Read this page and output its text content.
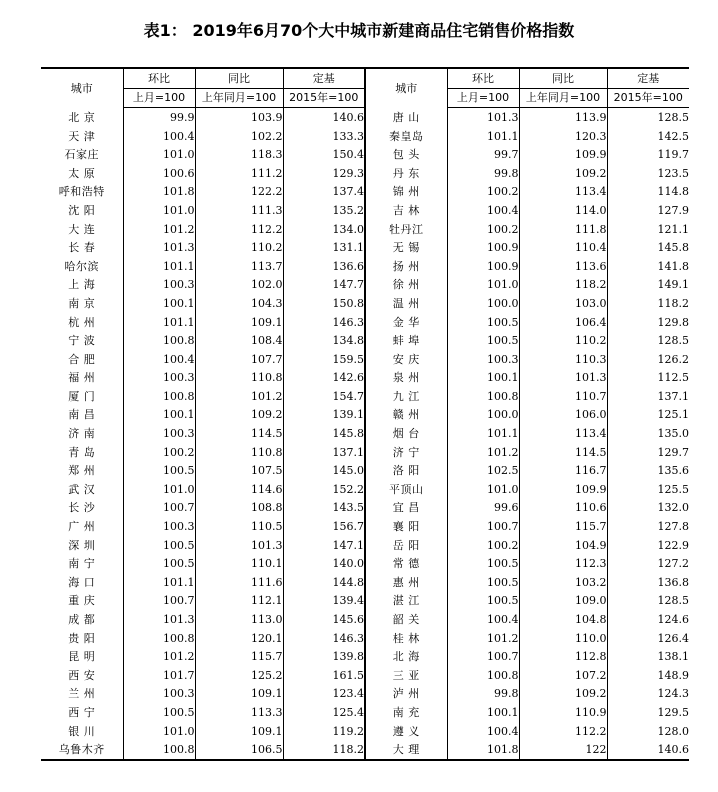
表1： 2019年6月70个大中城市新建商品住宅销售价格指数
城市	环比	同比	定基	城市	环比	同比	定基
	上月=100	上年同月=100	2015年=100		上月=100	上年同月=100	2015年=100
北 京	99.9	103.9	140.6	唐 山	101.3	113.9	128.5
天 津	100.4	102.2	133.3	秦皇岛	101.1	120.3	142.5
石家庄	101.0	118.3	150.4	包 头	99.7	109.9	119.7
太 原	100.6	111.2	129.3	丹 东	99.8	109.2	123.5
呼和浩特	101.8	122.2	137.4	锦 州	100.2	113.4	114.8
沈 阳	101.0	111.3	135.2	吉 林	100.4	114.0	127.9
大 连	101.2	112.2	134.0	牡丹江	100.2	111.8	121.1
长 春	101.3	110.2	131.1	无 锡	100.9	110.4	145.8
哈尔滨	101.1	113.7	136.6	扬 州	100.9	113.6	141.8
上 海	100.3	102.0	147.7	徐 州	101.0	118.2	149.1
南 京	100.1	104.3	150.8	温 州	100.0	103.0	118.2
杭 州	101.1	109.1	146.3	金 华	100.5	106.4	129.8
宁 波	100.8	108.4	134.8	蚌 埠	100.5	110.2	128.5
合 肥	100.4	107.7	159.5	安 庆	100.3	110.3	126.2
福 州	100.3	110.8	142.6	泉 州	100.1	101.3	112.5
厦 门	100.8	101.2	154.7	九 江	100.8	110.7	137.1
南 昌	100.1	109.2	139.1	赣 州	100.0	106.0	125.1
济 南	100.3	114.5	145.8	烟 台	101.1	113.4	135.0
青 岛	100.2	110.8	137.1	济 宁	101.2	114.5	129.7
郑 州	100.5	107.5	145.0	洛 阳	102.5	116.7	135.6
武 汉	101.0	114.6	152.2	平顶山	101.0	109.9	125.5
长 沙	100.7	108.8	143.5	宜 昌	99.6	110.6	132.0
广 州	100.3	110.5	156.7	襄 阳	100.7	115.7	127.8
深 圳	100.5	101.3	147.1	岳 阳	100.2	104.9	122.9
南 宁	100.5	110.1	140.0	常 德	100.5	112.3	127.2
海 口	101.1	111.6	144.8	惠 州	100.5	103.2	136.8
重 庆	100.7	112.1	139.4	湛 江	100.5	109.0	128.5
成 都	101.3	113.0	145.6	韶 关	100.4	104.8	124.6
贵 阳	100.8	120.1	146.3	桂 林	101.2	110.0	126.4
昆 明	101.2	115.7	139.8	北 海	100.7	112.8	138.1
西 安	101.7	125.2	161.5	三 亚	100.8	107.2	148.9
兰 州	100.3	109.1	123.4	泸 州	99.8	109.2	124.3
西 宁	100.5	113.3	125.4	南 充	100.1	110.9	129.5
银 川	101.0	109.1	119.2	遵 义	100.4	112.2	128.0
乌鲁木齐	100.8	106.5	118.2	大 理	101.8	122	140.6
